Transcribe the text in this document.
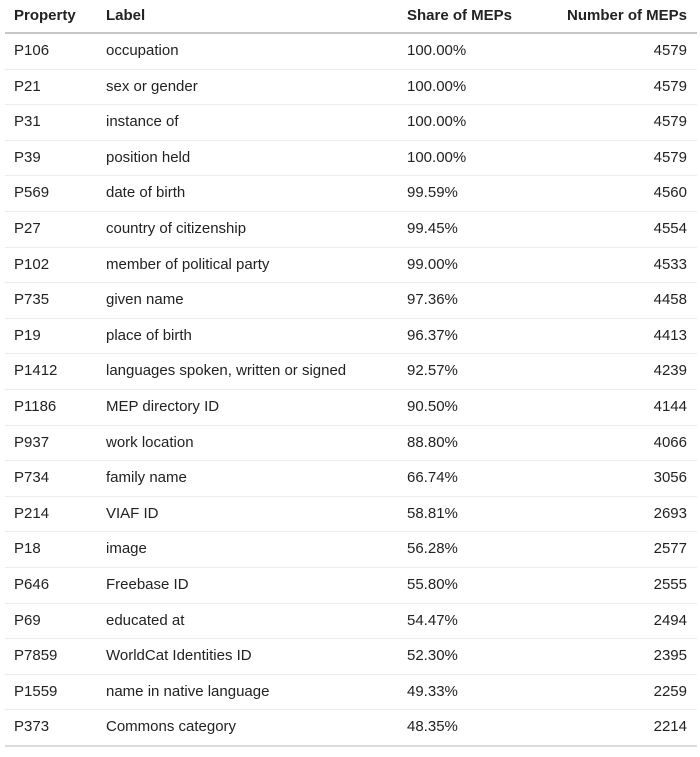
Property	Label	Share of MEPs	Number of MEPs
P106	occupation	100.00%	4579
P21	sex or gender	100.00%	4579
P31	instance of	100.00%	4579
P39	position held	100.00%	4579
P569	date of birth	99.59%	4560
P27	country of citizenship	99.45%	4554
P102	member of political party	99.00%	4533
P735	given name	97.36%	4458
P19	place of birth	96.37%	4413
P1412	languages spoken, written or signed	92.57%	4239
P1186	MEP directory ID	90.50%	4144
P937	work location	88.80%	4066
P734	family name	66.74%	3056
P214	VIAF ID	58.81%	2693
P18	image	56.28%	2577
P646	Freebase ID	55.80%	2555
P69	educated at	54.47%	2494
P7859	WorldCat Identities ID	52.30%	2395
P1559	name in native language	49.33%	2259
P373	Commons category	48.35%	2214
